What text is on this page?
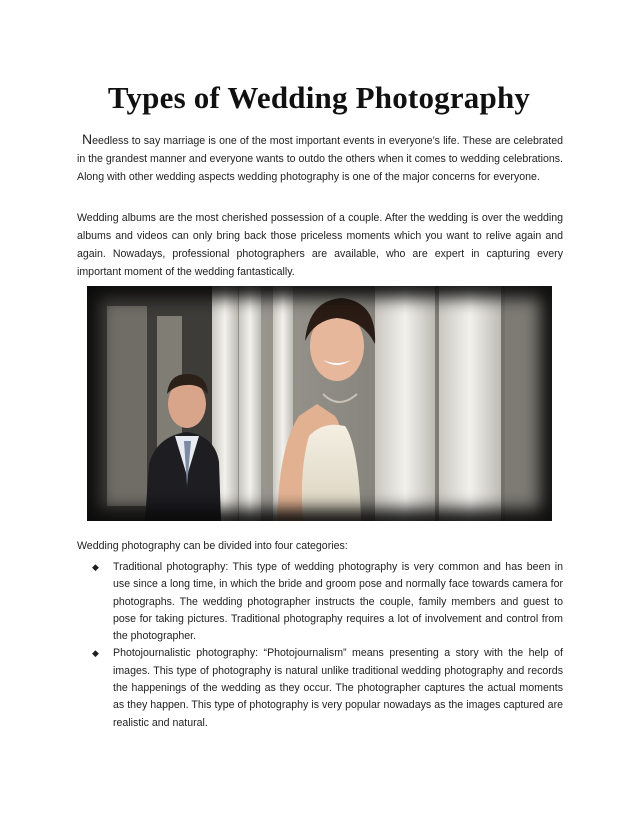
Types of Wedding Photography
Needless to say marriage is one of the most important events in everyone’s life. These are celebrated in the grandest manner and everyone wants to outdo the others when it comes to wedding celebrations. Along with other wedding aspects wedding photography is one of the major concerns for everyone.
Wedding albums are the most cherished possession of a couple. After the wedding is over the wedding albums and videos can only bring back those priceless moments which you want to relive again and again. Nowadays, professional photographers are available, who are expert in capturing every important moment of the wedding fantastically.
Wedding photography can be divided into four categories:
◆ Traditional photography: This type of wedding photography is very common and has been in use since a long time, in which the bride and groom pose and normally face towards camera for photographs. The wedding photographer instructs the couple, family members and guest to pose for taking pictures. Traditional photography requires a lot of involvement and control from the photographer.
◆ Photojournalistic photography: “Photojournalism” means presenting a story with the help of images. This type of photography is natural unlike traditional wedding photography and records the happenings of the wedding as they occur. The photographer captures the actual moments as they happen. This type of photography is very popular nowadays as the images captured are realistic and natural.
